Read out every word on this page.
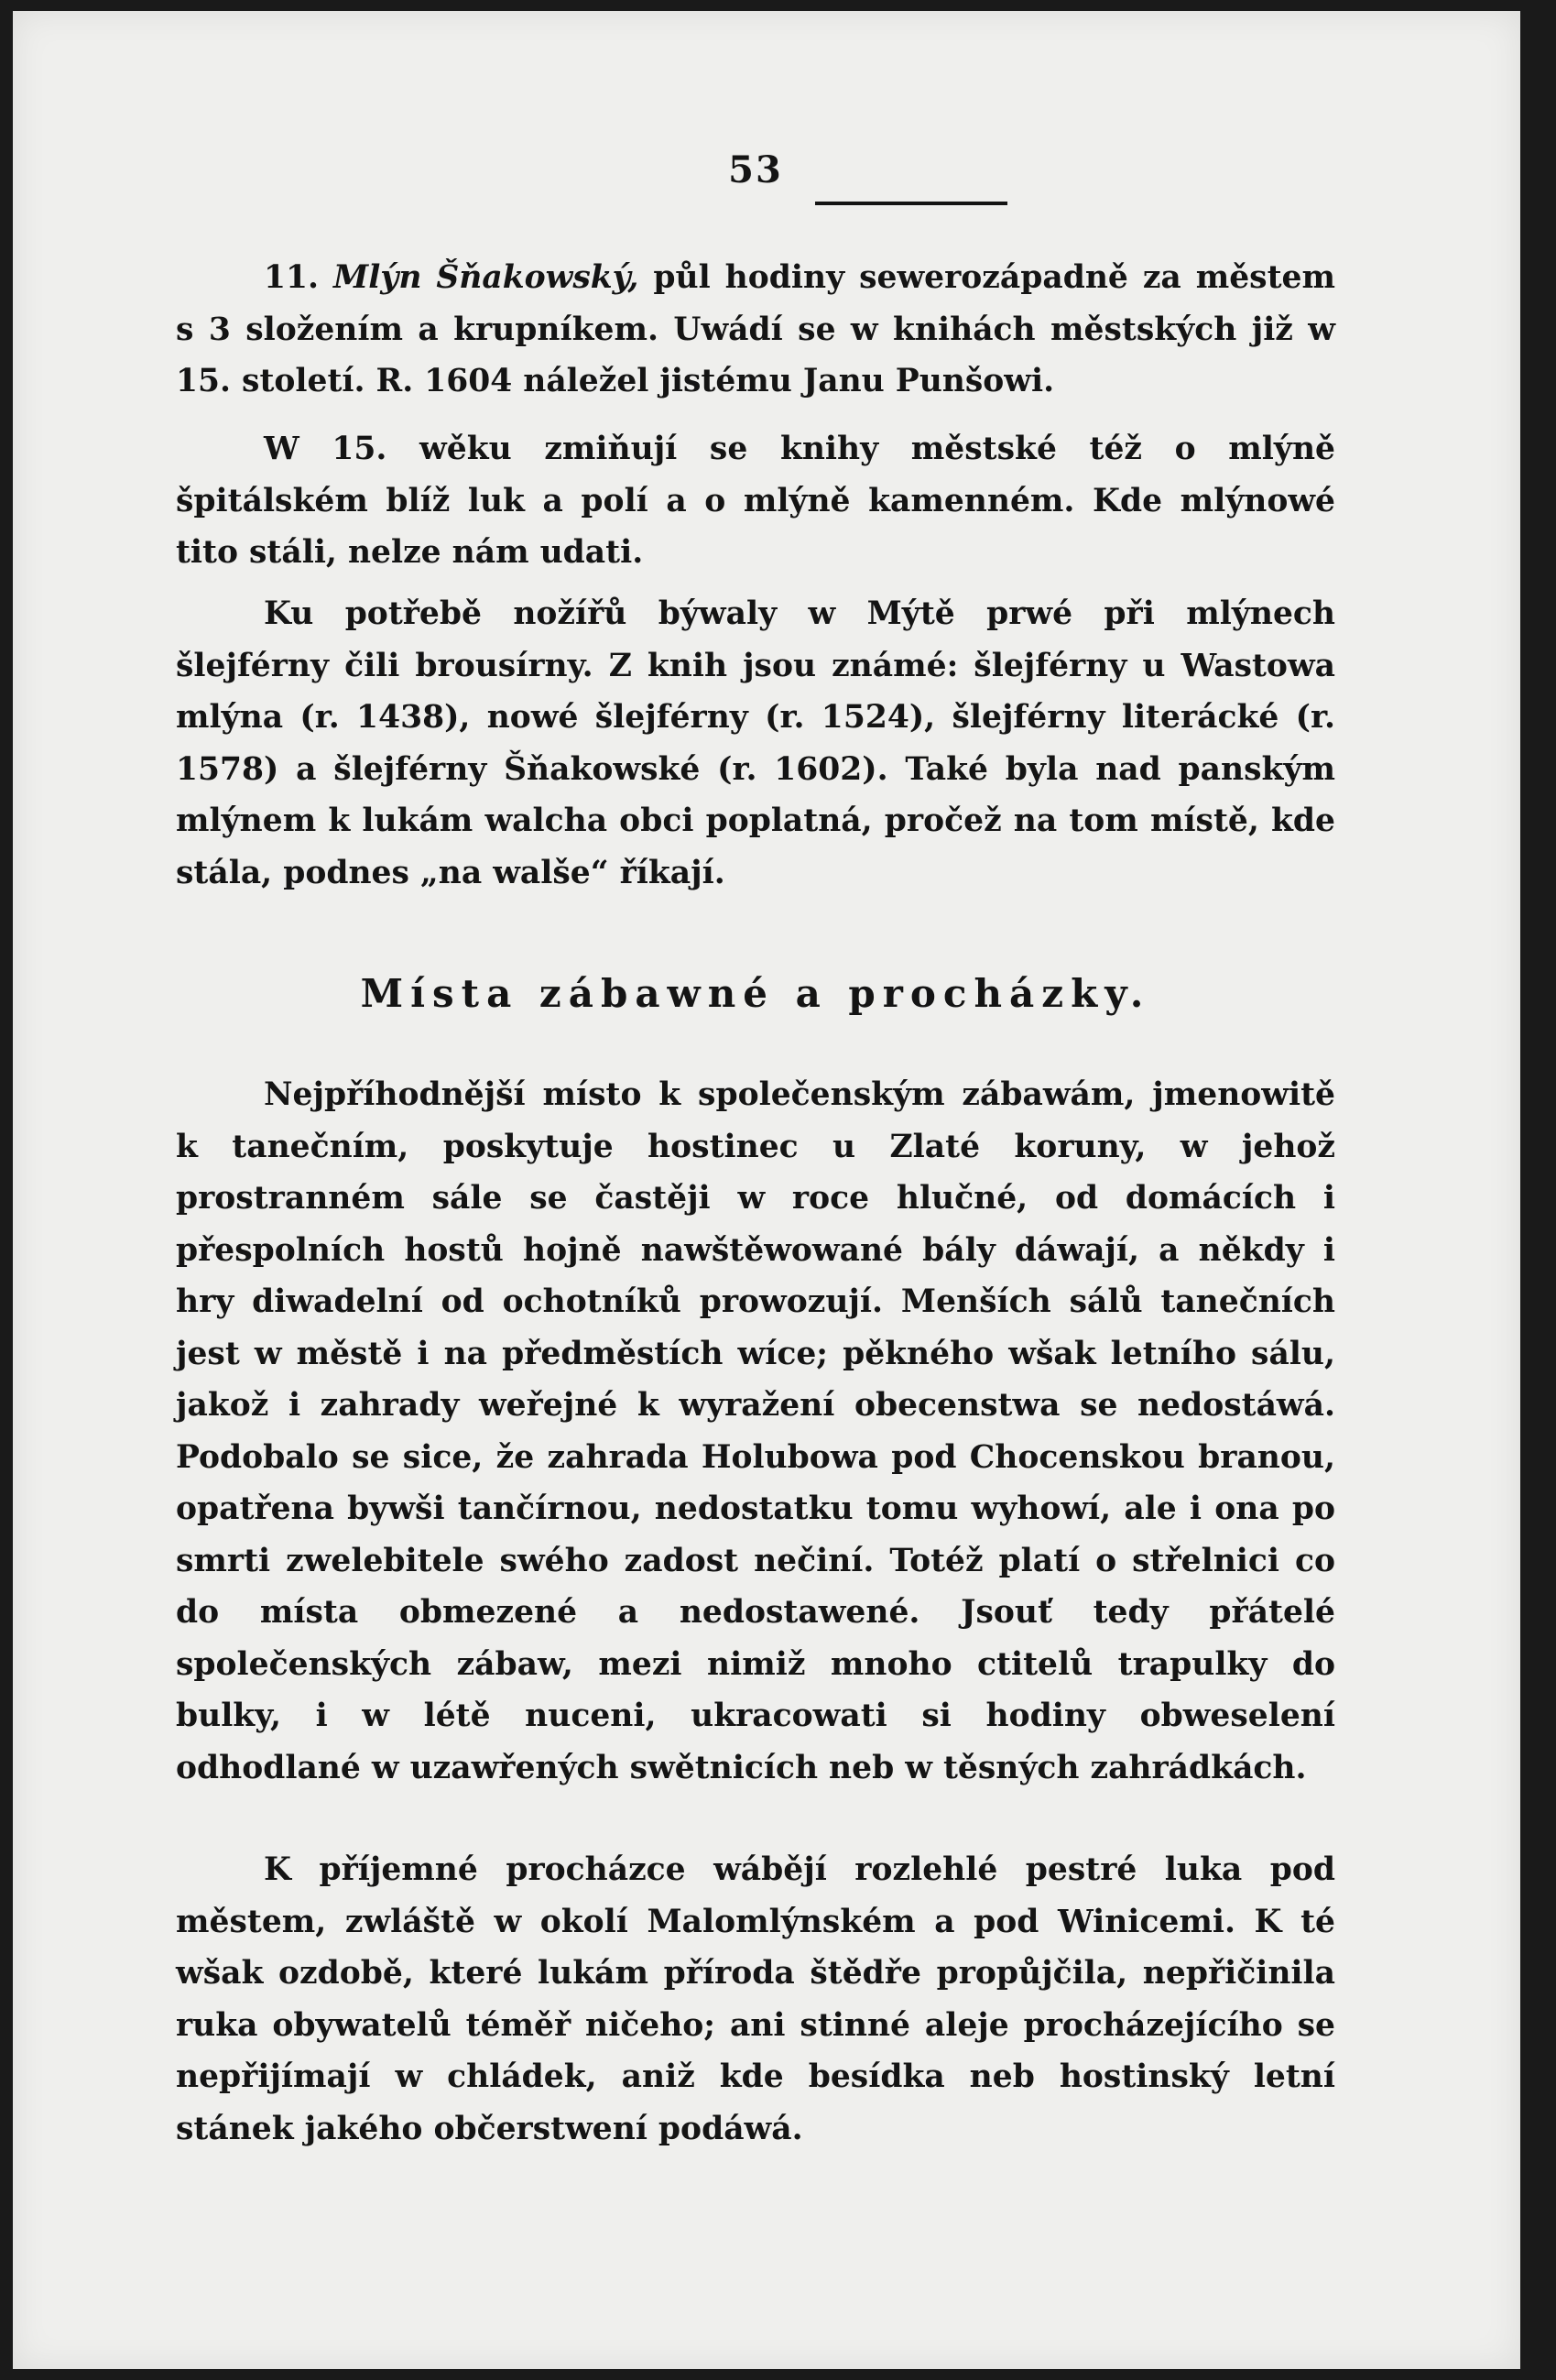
53

11. Mlýn Šňakowský, půl hodiny sewerozápadně za městem s 3 složením a krupníkem. Uwádí se w knihách městských již w 15. století. R. 1604 náležel jistému Janu Punšowi.

W 15. wěku zmiňují se knihy městské též o mlýně špitálském blíž luk a polí a o mlýně kamenném. Kde mlýnowé tito stáli, nelze nám udati.

Ku potřebě nožířů býwaly w Mýtě prwé při mlýnech šlejférny čili brousírny. Z knih jsou známé: šlejférny u Wastowa mlýna (r. 1438), nowé šlejférny (r. 1524), šlejférny literácké (r. 1578) a šlejférny Šňakowské (r. 1602). Také byla nad panským mlýnem k lukám walcha obci poplatná, pročež na tom místě, kde stála, podnes „na walše“ říkají.

Místa zábawné a procházky.

Nejpříhodnější místo k společenským zábawám, jmenowitě k tanečním, poskytuje hostinec u Zlaté koruny, w jehož prostranném sále se častěji w roce hlučné, od domácích i přespolních hostů hojně nawštěwowané bály dáwají, a někdy i hry diwadelní od ochotníků prowozují. Menších sálů tanečních jest w městě i na předměstích wíce; pěkného wšak letního sálu, jakož i zahrady weřejné k wyražení obecenstwa se nedostáwá. Podobalo se sice, že zahrada Holubowa pod Chocenskou branou, opatřena bywši tančírnou, nedostatku tomu wyhowí, ale i ona po smrti zwelebitele swého zadost nečiní. Totéž platí o střelnici co do místa obmezené a nedostawené. Jsouť tedy přátelé společenských zábaw, mezi nimiž mnoho ctitelů trapulky do bulky, i w létě nuceni, ukracowati si hodiny obweselení odhodlané w uzawřených swětnicích neb w těsných zahrádkách.

K příjemné procházce wábějí rozlehlé pestré luka pod městem, zwláště w okolí Malomlýnském a pod Winicemi. K té wšak ozdobě, které lukám příroda štědře propůjčila, nepřičinila ruka obywatelů téměř ničeho; ani stinné aleje procházejícího se nepřijímají w chládek, aniž kde besídka neb hostinský letní stánek jakého občerstwení podáwá.
